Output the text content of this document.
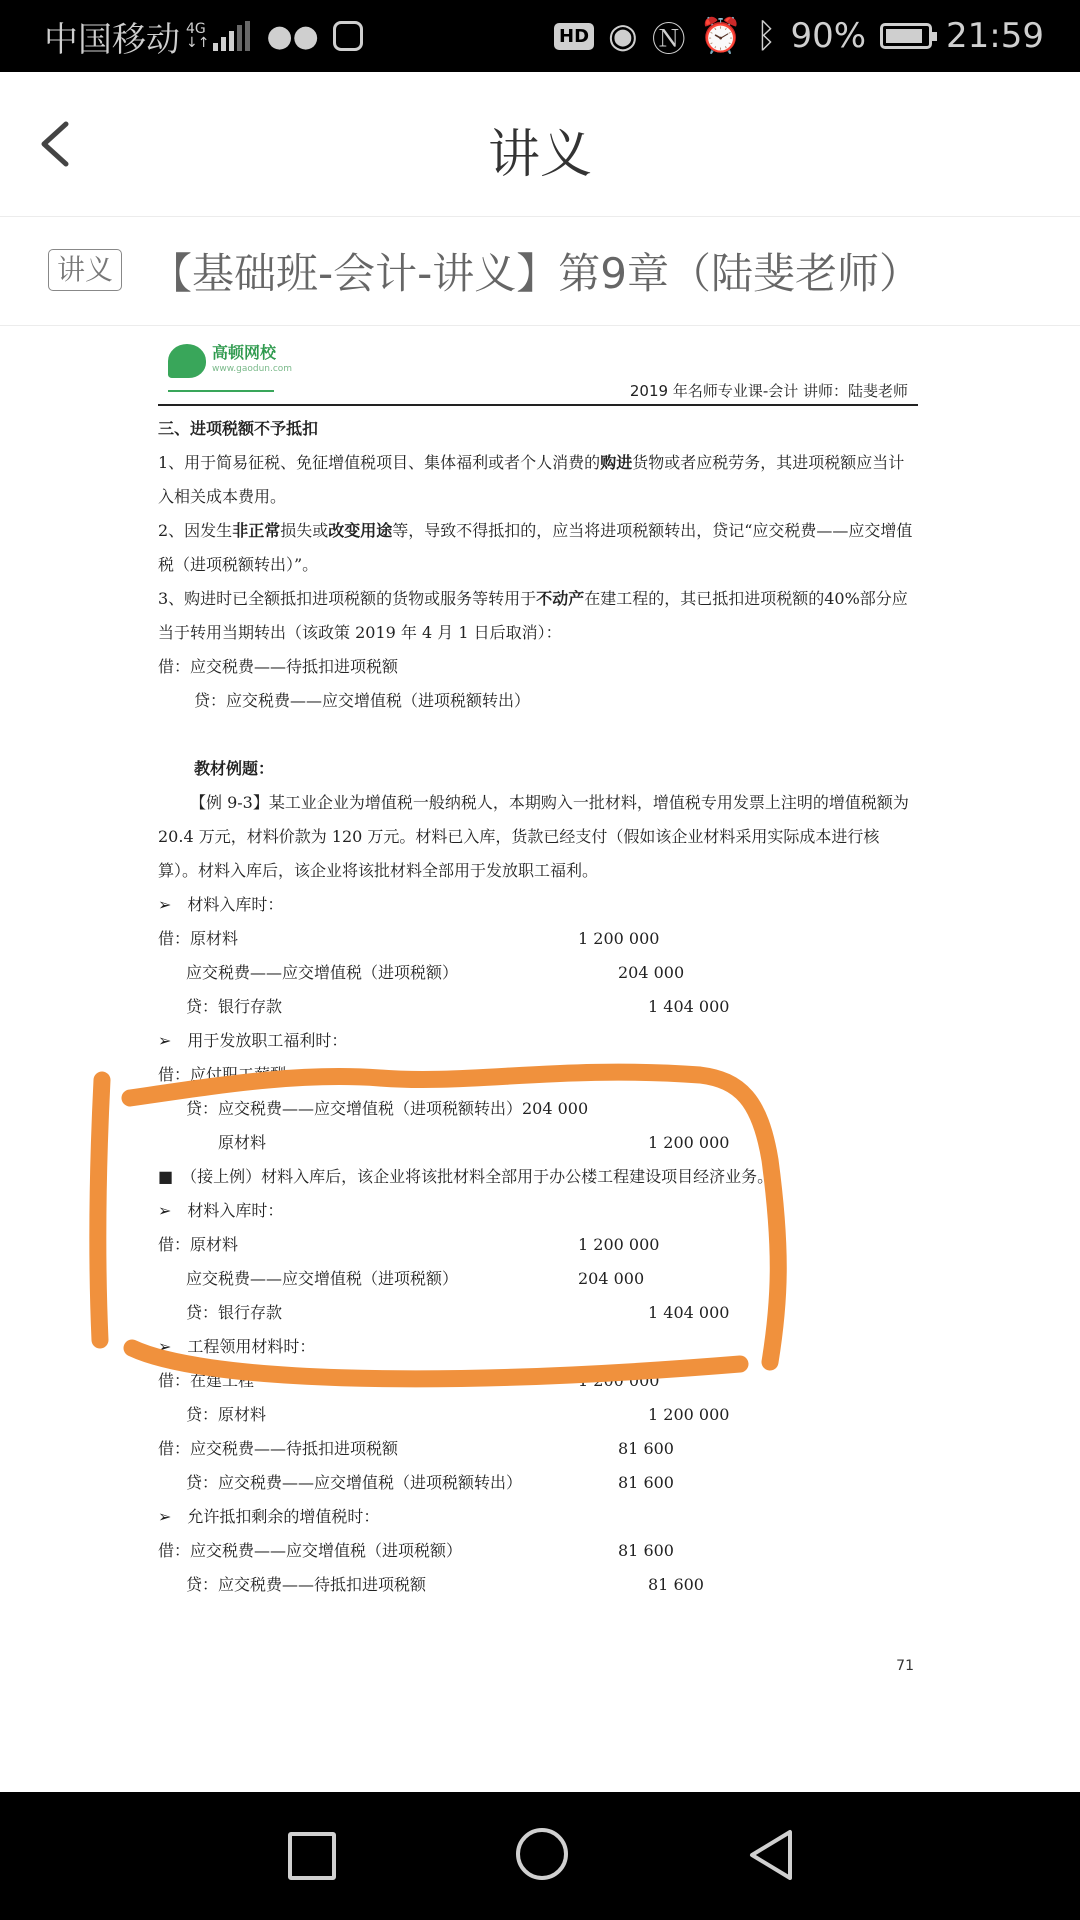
中国移动 4G
↓↑ ●●	HD ◉ Ⓝ ⏰ ᛒ 90% 21:59
讲义
讲义 【基础班-会计-讲义】第9章（陆斐老师）
高顿网校
www.gaodun.com
2019 年名师专业课-会计 讲师：陆斐老师

三、进项税额不予抵扣

1、用于简易征税、免征增值税项目、集体福利或者个人消费的购进货物或者应税劳务，其进项税额应当计入相关成本费用。

2、因发生非正常损失或改变用途等，导致不得抵扣的，应当将进项税额转出，贷记“应交税费——应交增值税（进项税额转出）”。

3、购进时已全额抵扣进项税额的货物或服务等转用于不动产在建工程的，其已抵扣进项税额的40%部分应当于转用当期转出（该政策 2019 年 4 月 1 日后取消）：

借：应交税费——待抵扣进项税额

贷：应交税费——应交增值税（进项税额转出）

教材例题：

【例 9-3】某工业企业为增值税一般纳税人，本期购入一批材料，增值税专用发票上注明的增值税额为 20.4 万元，材料价款为 120 万元。材料已入库，货款已经支付（假如该企业材料采用实际成本进行核算）。材料入库后，该企业将该批材料全部用于发放职工福利。

➢　材料入库时：
借：原材料	1 200 000
应交税费——应交增值税（进项税额）	204 000
贷：银行存款	1 404 000
➢　用于发放职工福利时：
借：应付职工薪酬	1 404 000
贷：应交税费——应交增值税（进项税额转出）204 000
原材料	1 200 000
■　（接上例）材料入库后，该企业将该批材料全部用于办公楼工程建设项目经济业务。
➢　材料入库时：
借：原材料	1 200 000
应交税费——应交增值税（进项税额）	204 000
贷：银行存款	1 404 000
➢　工程领用材料时：
借：在建工程	1 200 000
贷：原材料	1 200 000
借：应交税费——待抵扣进项税额	81 600
贷：应交税费——应交增值税（进项税额转出）	81 600
➢　允许抵扣剩余的增值税时：
借：应交税费——应交增值税（进项税额）	81 600
贷：应交税费——待抵扣进项税额	81 600
71
